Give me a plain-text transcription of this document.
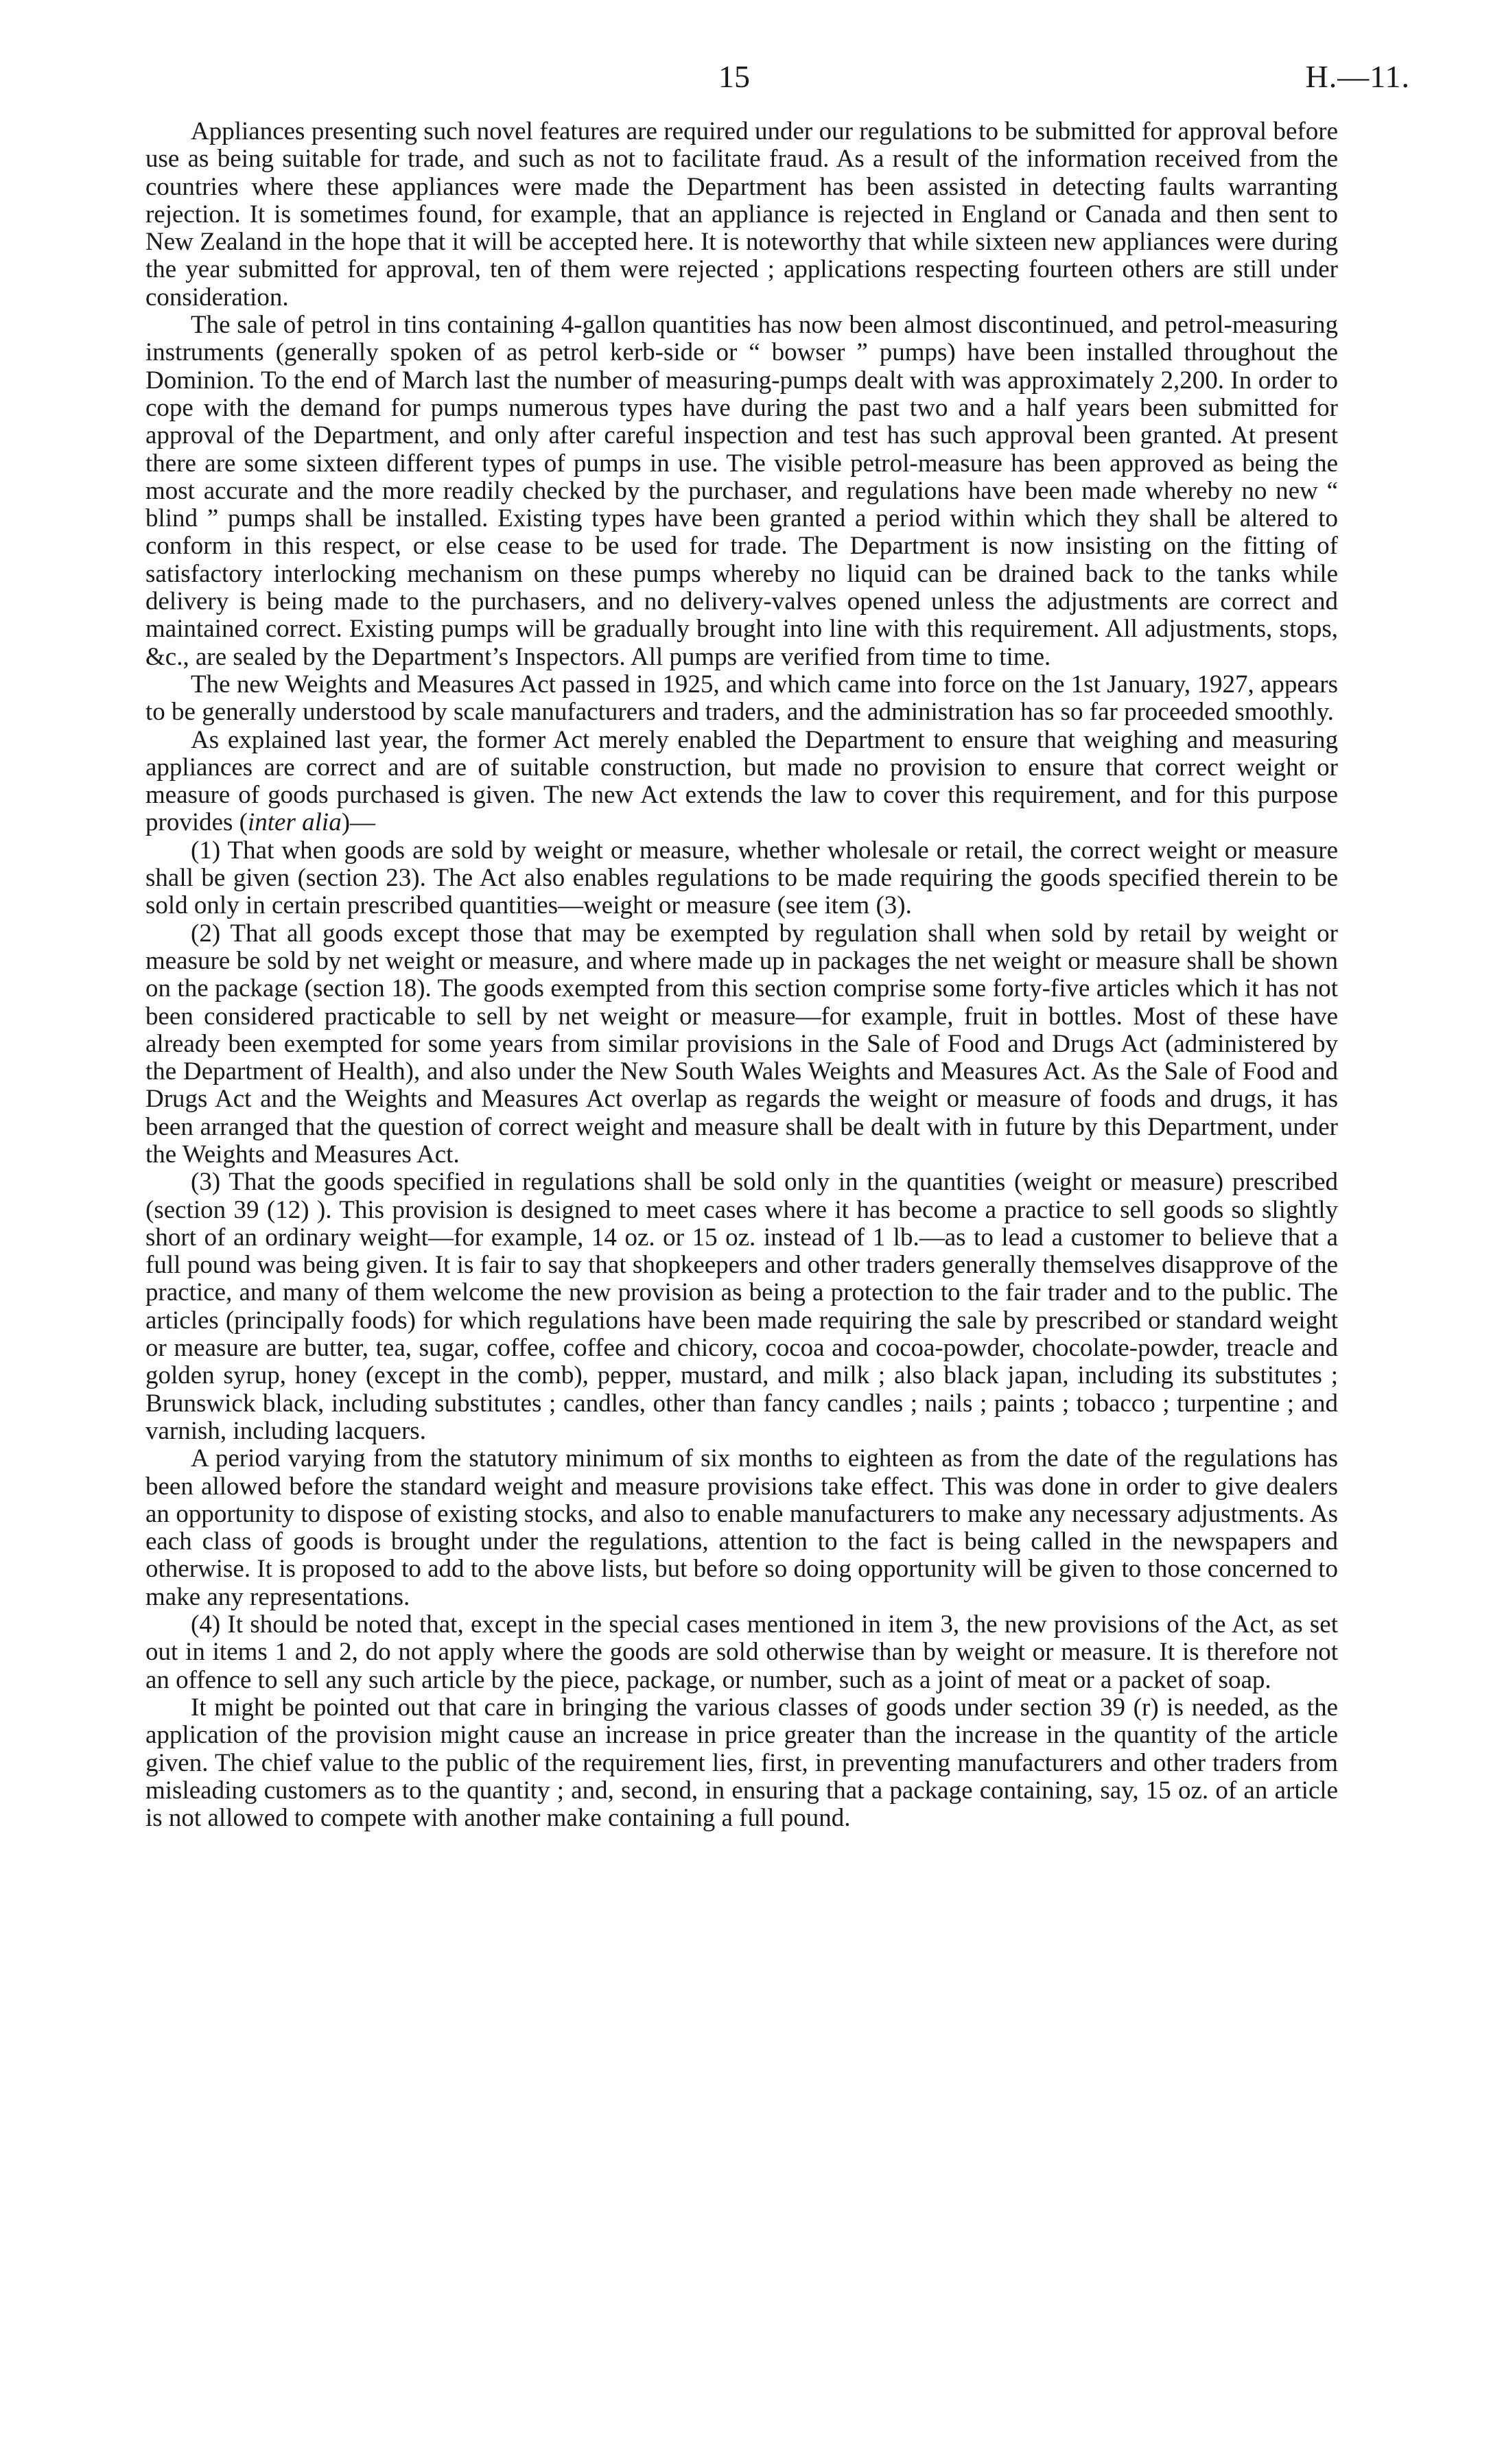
15	H.—11.

Appliances presenting such novel features are required under our regulations to be submitted for approval before use as being suitable for trade, and such as not to facilitate fraud. As a result of the information received from the countries where these appliances were made the Department has been assisted in detecting faults warranting rejection. It is sometimes found, for example, that an appliance is rejected in England or Canada and then sent to New Zealand in the hope that it will be accepted here. It is noteworthy that while sixteen new appliances were during the year submitted for approval, ten of them were rejected ; applications respecting fourteen others are still under consideration.

The sale of petrol in tins containing 4-gallon quantities has now been almost discontinued, and petrol-measuring instruments (generally spoken of as petrol kerb-side or “ bowser ” pumps) have been installed throughout the Dominion. To the end of March last the number of measuring-pumps dealt with was approximately 2,200. In order to cope with the demand for pumps numerous types have during the past two and a half years been submitted for approval of the Department, and only after careful inspection and test has such approval been granted. At present there are some sixteen different types of pumps in use. The visible petrol-measure has been approved as being the most accurate and the more readily checked by the purchaser, and regulations have been made whereby no new “ blind ” pumps shall be installed. Existing types have been granted a period within which they shall be altered to conform in this respect, or else cease to be used for trade. The Department is now insisting on the fitting of satisfactory interlocking mechanism on these pumps whereby no liquid can be drained back to the tanks while delivery is being made to the purchasers, and no delivery-valves opened unless the adjustments are correct and maintained correct. Existing pumps will be gradually brought into line with this requirement. All adjustments, stops, &c., are sealed by the Department’s Inspectors. All pumps are verified from time to time.

The new Weights and Measures Act passed in 1925, and which came into force on the 1st January, 1927, appears to be generally understood by scale manufacturers and traders, and the administration has so far proceeded smoothly.

As explained last year, the former Act merely enabled the Department to ensure that weighing and measuring appliances are correct and are of suitable construction, but made no provision to ensure that correct weight or measure of goods purchased is given. The new Act extends the law to cover this requirement, and for this purpose provides (inter alia)—

(1) That when goods are sold by weight or measure, whether wholesale or retail, the correct weight or measure shall be given (section 23). The Act also enables regulations to be made requiring the goods specified therein to be sold only in certain prescribed quantities—weight or measure (see item (3).

(2) That all goods except those that may be exempted by regulation shall when sold by retail by weight or measure be sold by net weight or measure, and where made up in packages the net weight or measure shall be shown on the package (section 18). The goods exempted from this section comprise some forty-five articles which it has not been considered practicable to sell by net weight or measure—for example, fruit in bottles. Most of these have already been exempted for some years from similar provisions in the Sale of Food and Drugs Act (administered by the Department of Health), and also under the New South Wales Weights and Measures Act. As the Sale of Food and Drugs Act and the Weights and Measures Act overlap as regards the weight or measure of foods and drugs, it has been arranged that the question of correct weight and measure shall be dealt with in future by this Department, under the Weights and Measures Act.

(3) That the goods specified in regulations shall be sold only in the quantities (weight or measure) prescribed (section 39 (12) ). This provision is designed to meet cases where it has become a practice to sell goods so slightly short of an ordinary weight—for example, 14 oz. or 15 oz. instead of 1 lb.—as to lead a customer to believe that a full pound was being given. It is fair to say that shopkeepers and other traders generally themselves disapprove of the practice, and many of them welcome the new provision as being a protection to the fair trader and to the public. The articles (principally foods) for which regulations have been made requiring the sale by prescribed or standard weight or measure are butter, tea, sugar, coffee, coffee and chicory, cocoa and cocoa-powder, chocolate-powder, treacle and golden syrup, honey (except in the comb), pepper, mustard, and milk ; also black japan, including its substitutes ; Brunswick black, including substitutes ; candles, other than fancy candles ; nails ; paints ; tobacco ; turpentine ; and varnish, including lacquers.

A period varying from the statutory minimum of six months to eighteen as from the date of the regulations has been allowed before the standard weight and measure provisions take effect. This was done in order to give dealers an opportunity to dispose of existing stocks, and also to enable manufacturers to make any necessary adjustments. As each class of goods is brought under the regulations, attention to the fact is being called in the newspapers and otherwise. It is proposed to add to the above lists, but before so doing opportunity will be given to those concerned to make any representations.

(4) It should be noted that, except in the special cases mentioned in item 3, the new provisions of the Act, as set out in items 1 and 2, do not apply where the goods are sold otherwise than by weight or measure. It is therefore not an offence to sell any such article by the piece, package, or number, such as a joint of meat or a packet of soap.

It might be pointed out that care in bringing the various classes of goods under section 39 (r) is needed, as the application of the provision might cause an increase in price greater than the increase in the quantity of the article given. The chief value to the public of the requirement lies, first, in preventing manufacturers and other traders from misleading customers as to the quantity ; and, second, in ensuring that a package containing, say, 15 oz. of an article is not allowed to compete with another make containing a full pound.
